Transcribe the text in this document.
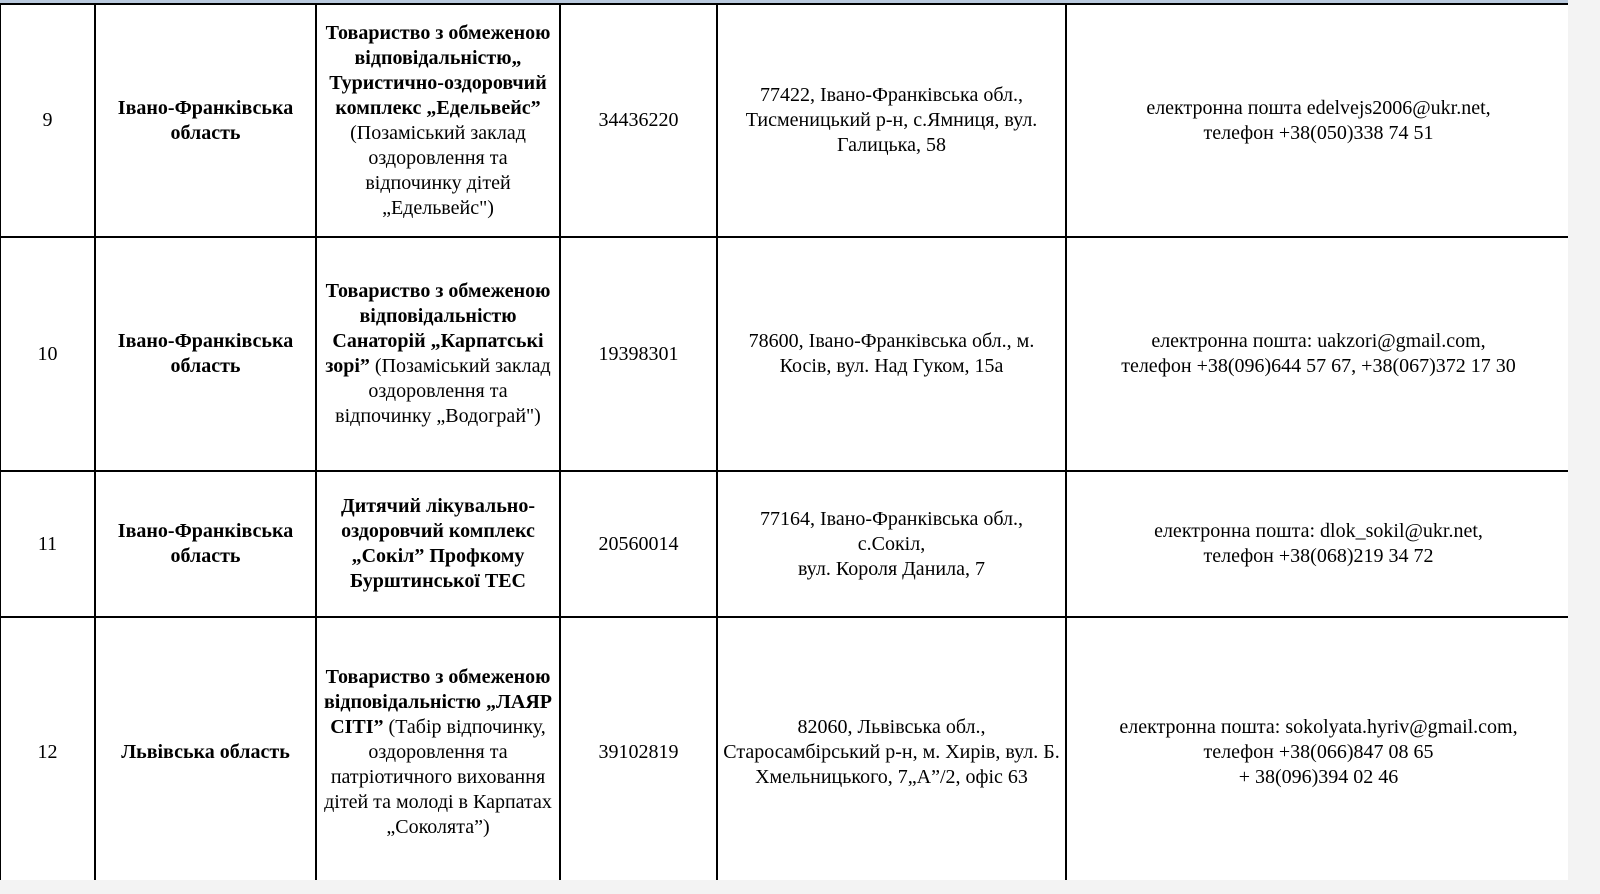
9	Івано-Франківська область	Товариство з обмеженою відповідальністю„ Туристично-оздоровчий комплекс „Едельвейс” (Позаміський заклад оздоровлення та відпочинку дітей „Едельвейс")	34436220	77422, Івано-Франківська обл., Тисменицький р-н, с.Ямниця, вул. Галицька, 58	електронна пошта edelvejs2006@ukr.net,
телефон +38(050)338 74 51

10	Івано-Франківська область	Товариство з обмеженою відповідальністю Санаторій „Карпатські зорі” (Позаміський заклад оздоровлення та відпочинку „Водограй")	19398301	78600, Івано-Франківська обл., м. Косів, вул. Над Гуком, 15а	електронна пошта: uakzori@gmail.com,
телефон +38(096)644 57 67, +38(067)372 17 30

11	Івано-Франківська область	Дитячий лікувально-оздоровчий комплекс „Сокіл” Профкому Бурштинської ТЕС	20560014	77164, Івано-Франківська обл.,
с.Сокіл,
вул. Короля Данила, 7	електронна пошта: dlok_sokil@ukr.net,
телефон +38(068)219 34 72

12	Львівська область	Товариство з обмеженою відповідальністю „ЛАЯР СІТІ” (Табір відпочинку, оздоровлення та патріотичного виховання дітей та молоді в Карпатах „Соколята”)	39102819	82060, Львівська обл., Старосамбірський р-н, м. Хирів, вул. Б. Хмельницького, 7„А”/2, офіс 63	електронна пошта: sokolyata.hyriv@gmail.com,
телефон +38(066)847 08 65
+ 38(096)394 02 46
